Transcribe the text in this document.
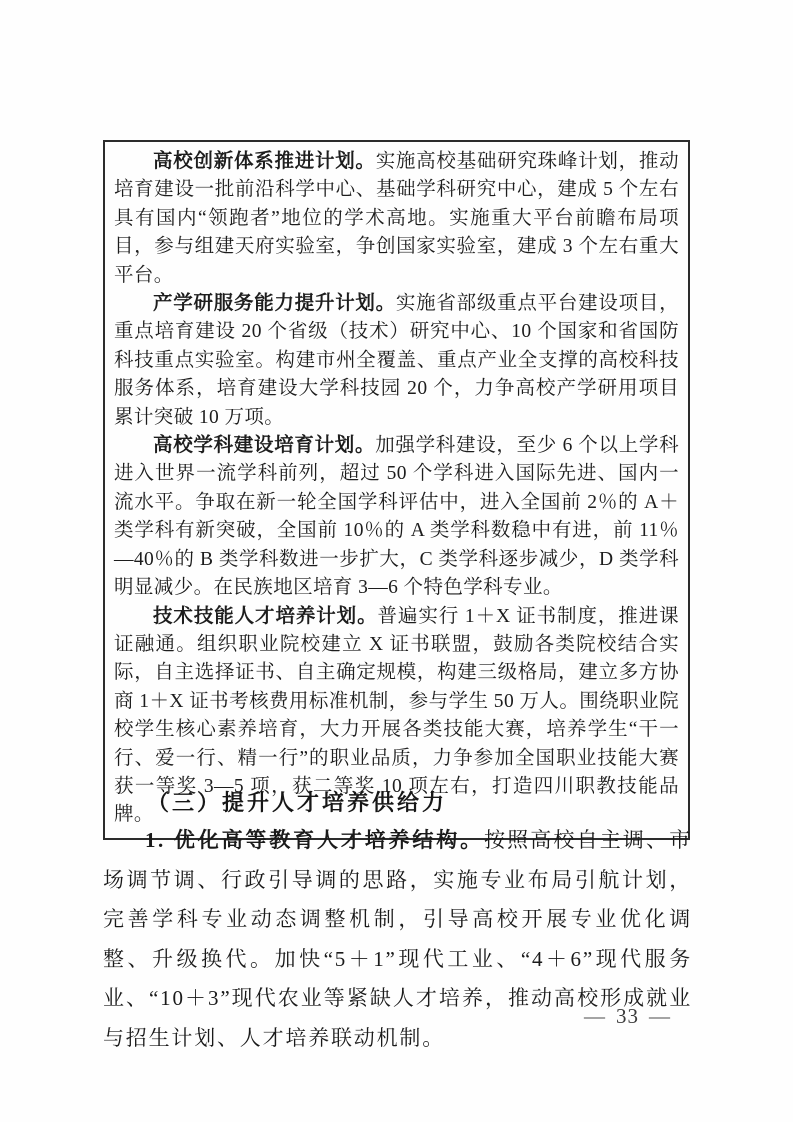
高校创新体系推进计划。实施高校基础研究珠峰计划，推动培育建设一批前沿科学中心、基础学科研究中心，建成 5 个左右具有国内“领跑者”地位的学术高地。实施重大平台前瞻布局项目，参与组建天府实验室，争创国家实验室，建成 3 个左右重大平台。

产学研服务能力提升计划。实施省部级重点平台建设项目，重点培育建设 20 个省级（技术）研究中心、10 个国家和省国防科技重点实验室。构建市州全覆盖、重点产业全支撑的高校科技服务体系，培育建设大学科技园 20 个，力争高校产学研用项目累计突破 10 万项。

高校学科建设培育计划。加强学科建设，至少 6 个以上学科进入世界一流学科前列，超过 50 个学科进入国际先进、国内一流水平。争取在新一轮全国学科评估中，进入全国前 2％的 A＋类学科有新突破，全国前 10％的 A 类学科数稳中有进，前 11％—40％的 B 类学科数进一步扩大，C 类学科逐步减少，D 类学科明显减少。在民族地区培育 3—6 个特色学科专业。

技术技能人才培养计划。普遍实行 1＋X 证书制度，推进课证融通。组织职业院校建立 X 证书联盟，鼓励各类院校结合实际，自主选择证书、自主确定规模，构建三级格局，建立多方协商 1＋X 证书考核费用标准机制，参与学生 50 万人。围绕职业院校学生核心素养培育，大力开展各类技能大赛，培养学生“干一行、爱一行、精一行”的职业品质，力争参加全国职业技能大赛获一等奖 3—5 项，获二等奖 10 项左右，打造四川职教技能品牌。

（三）提升人才培养供给力

1. 优化高等教育人才培养结构。按照高校自主调、市场调节调、行政引导调的思路，实施专业布局引航计划，完善学科专业动态调整机制，引导高校开展专业优化调整、升级换代。加快“5＋1”现代工业、“4＋6”现代服务业、“10＋3”现代农业等紧缺人才培养，推动高校形成就业与招生计划、人才培养联动机制。

— 33 —
